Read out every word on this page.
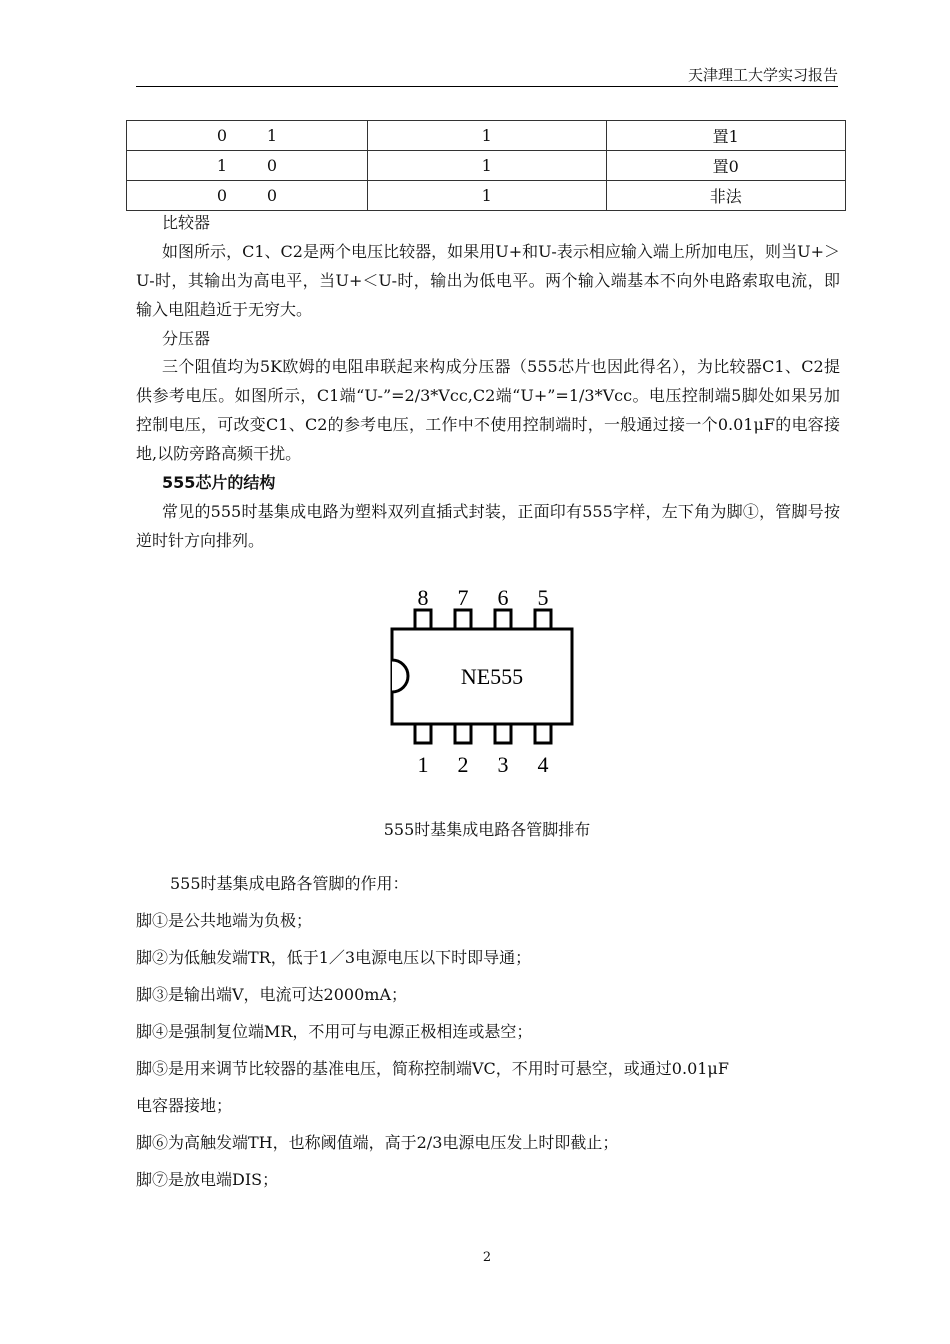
天津理工大学实习报告
0 1	1	置1
1 0	1	置0
0 0	1	非法
比较器
如图所示，C1、C2是两个电压比较器，如果用U+和U-表示相应输入端上所加电压，则当U+＞U-时，其输出为高电平，当U+＜U-时，输出为低电平。两个输入端基本不向外电路索取电流，即输入电阻趋近于无穷大。
分压器
三个阻值均为5K欧姆的电阻串联起来构成分压器（555芯片也因此得名），为比较器C1、C2提供参考电压。如图所示，C1端“U-”=2/3*Vcc,C2端“U+”=1/3*Vcc。电压控制端5脚处如果另加控制电压，可改变C1、C2的参考电压，工作中不使用控制端时，一般通过接一个0.01μF的电容接地,以防旁路高频干扰。
555芯片的结构
常见的555时基集成电路为塑料双列直插式封装，正面印有555字样，左下角为脚①，管脚号按逆时针方向排列。
8 7 6 5
NE555
1 2 3 4
555时基集成电路各管脚排布
555时基集成电路各管脚的作用：
脚①是公共地端为负极；
脚②为低触发端TR，低于1／3电源电压以下时即导通；
脚③是输出端V，电流可达2000mA；
脚④是强制复位端MR，不用可与电源正极相连或悬空；
脚⑤是用来调节比较器的基准电压，简称控制端VC，不用时可悬空，或通过0.01μF
电容器接地；
脚⑥为高触发端TH，也称阈值端，高于2/3电源电压发上时即截止；
脚⑦是放电端DIS；
2
